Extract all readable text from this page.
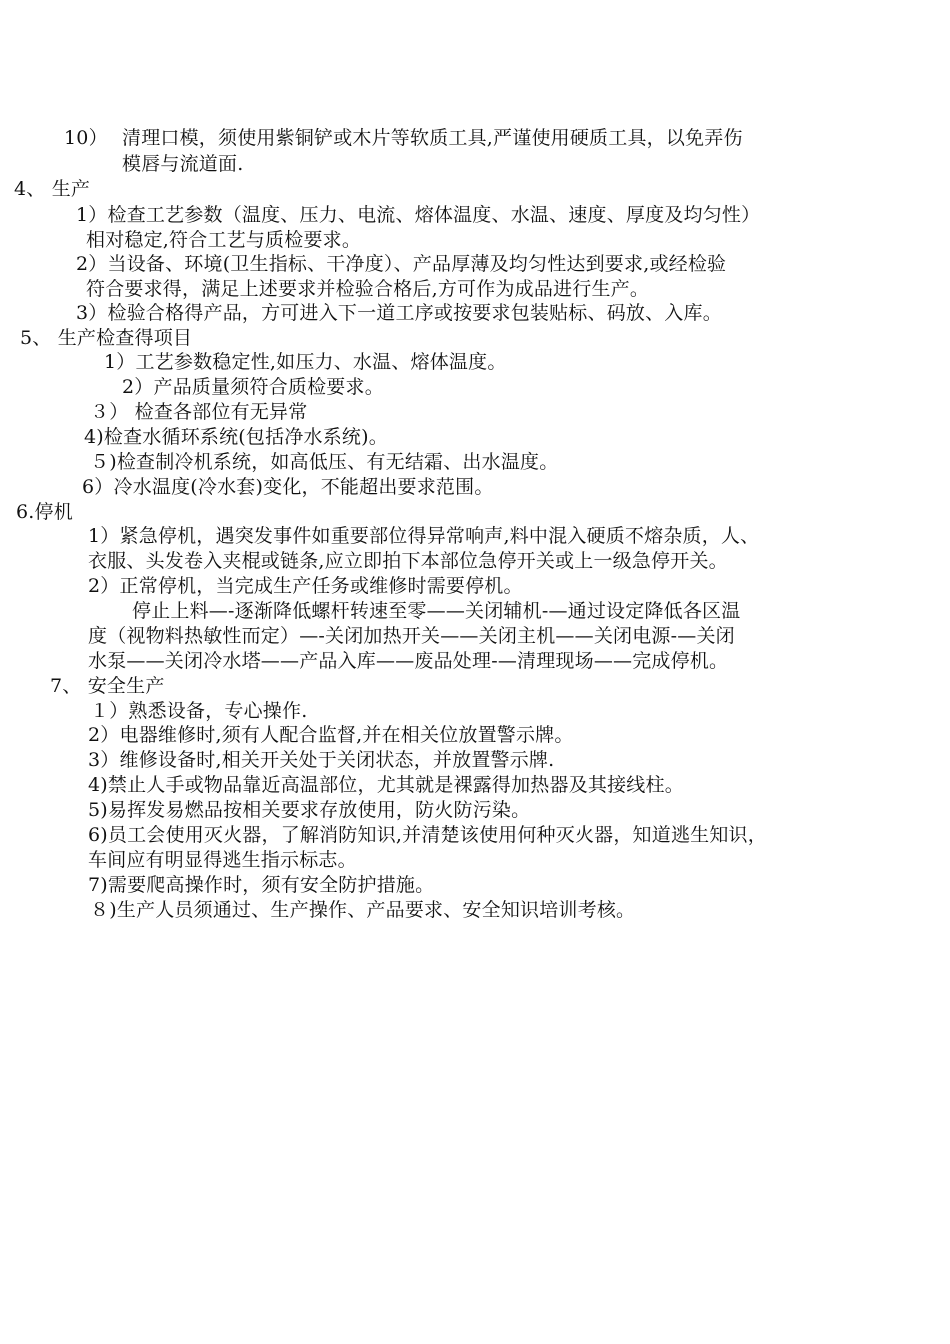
10） 清理口模，须使用紫铜铲或木片等软质工具,严谨使用硬质工具，以免弄伤
模唇与流道面.
4、 生产
1）检查工艺参数（温度、压力、电流、熔体温度、水温、速度、厚度及均匀性）
相对稳定,符合工艺与质检要求。
2）当设备、环境(卫生指标、干净度）、产品厚薄及均匀性达到要求,或经检验
符合要求得，满足上述要求并检验合格后,方可作为成品进行生产。
3）检验合格得产品，方可进入下一道工序或按要求包装贴标、码放、入库。
5、 生产检查得项目
1）工艺参数稳定性,如压力、水温、熔体温度。
2）产品质量须符合质检要求。
３） 检查各部位有无异常
4)检查水循环系统(包括净水系统)。
５)检查制冷机系统，如高低压、有无结霜、出水温度。
6）冷水温度(冷水套)变化，不能超出要求范围。
6.停机
1）紧急停机，遇突发事件如重要部位得异常响声,料中混入硬质不熔杂质，人、
衣服、头发卷入夹棍或链条,应立即拍下本部位急停开关或上一级急停开关。
2）正常停机，当完成生产任务或维修时需要停机。
停止上料—-逐渐降低螺杆转速至零——关闭辅机-—通过设定降低各区温
度（视物料热敏性而定）—-关闭加热开关——关闭主机——关闭电源-—关闭
水泵——关闭冷水塔——产品入库——废品处理-—清理现场——完成停机。
7、 安全生产
１）熟悉设备，专心操作.
2）电器维修时,须有人配合监督,并在相关位放置警示牌。
3）维修设备时,相关开关处于关闭状态，并放置警示牌.
4)禁止人手或物品靠近高温部位，尤其就是裸露得加热器及其接线柱。
5)易挥发易燃品按相关要求存放使用，防火防污染。
6)员工会使用灭火器，了解消防知识,并清楚该使用何种灭火器，知道逃生知识，
车间应有明显得逃生指示标志。
7)需要爬高操作时，须有安全防护措施。
８)生产人员须通过、生产操作、产品要求、安全知识培训考核。
